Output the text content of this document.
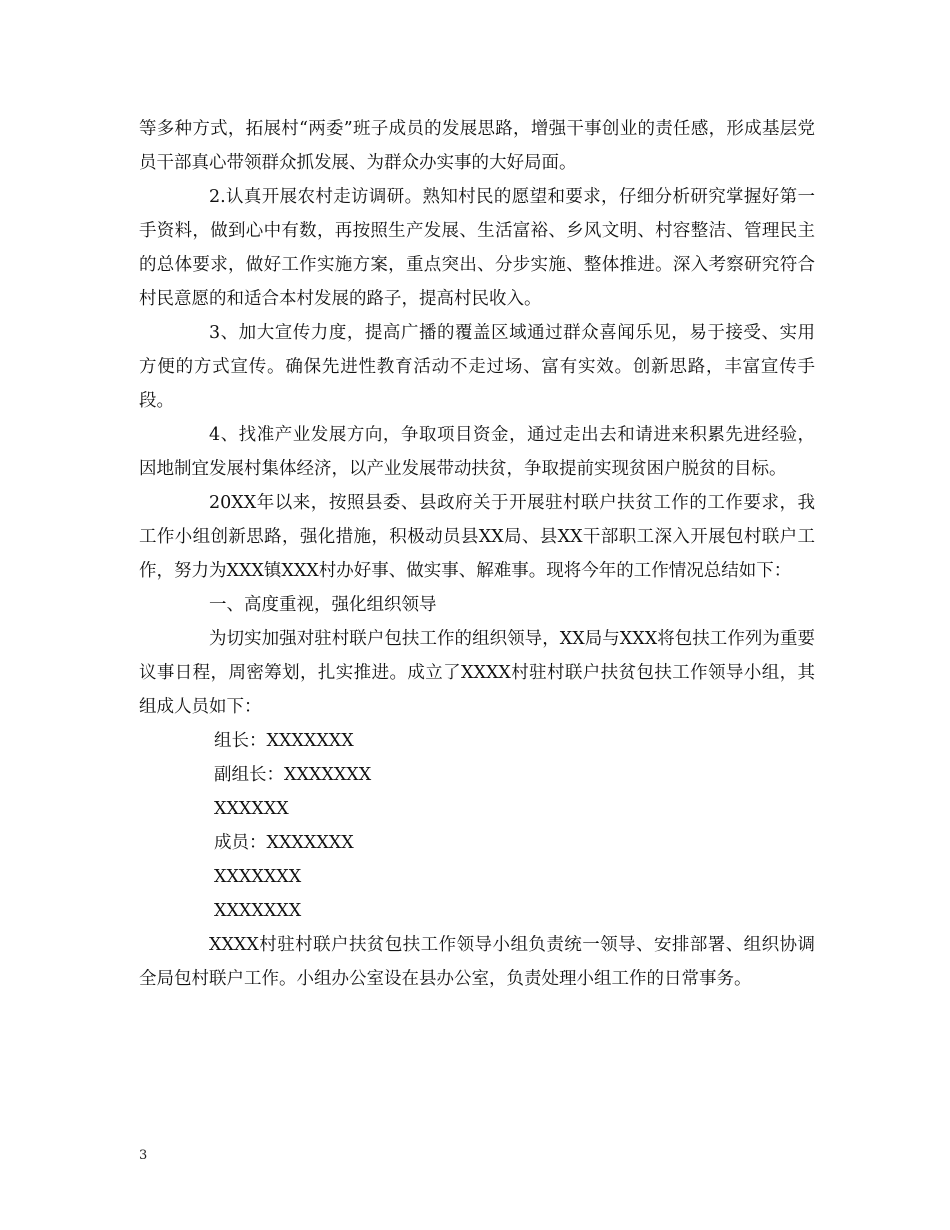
等多种方式，拓展村“两委”班子成员的发展思路，增强干事创业的责任感，形成基层党员干部真心带领群众抓发展、为群众办实事的大好局面。

2.认真开展农村走访调研。熟知村民的愿望和要求，仔细分析研究掌握好第一手资料，做到心中有数，再按照生产发展、生活富裕、乡风文明、村容整洁、管理民主的总体要求，做好工作实施方案，重点突出、分步实施、整体推进。深入考察研究符合村民意愿的和适合本村发展的路子，提高村民收入。

3、加大宣传力度，提高广播的覆盖区域通过群众喜闻乐见，易于接受、实用方便的方式宣传。确保先进性教育活动不走过场、富有实效。创新思路，丰富宣传手段。

4、找准产业发展方向，争取项目资金，通过走出去和请进来积累先进经验，因地制宜发展村集体经济，以产业发展带动扶贫，争取提前实现贫困户脱贫的目标。

20XX年以来，按照县委、县政府关于开展驻村联户扶贫工作的工作要求，我工作小组创新思路，强化措施，积极动员县XX局、县XX干部职工深入开展包村联户工作，努力为XXX镇XXX村办好事、做实事、解难事。现将今年的工作情况总结如下：

一、高度重视，强化组织领导

为切实加强对驻村联户包扶工作的组织领导，XX局与XXX将包扶工作列为重要议事日程，周密筹划，扎实推进。成立了XXXX村驻村联户扶贫包扶工作领导小组，其组成人员如下：

组长：XXXXXXX

副组长：XXXXXXX

XXXXXX

成员：XXXXXXX

XXXXXXX

XXXXXXX

XXXX村驻村联户扶贫包扶工作领导小组负责统一领导、安排部署、组织协调全局包村联户工作。小组办公室设在县办公室，负责处理小组工作的日常事务。

3
